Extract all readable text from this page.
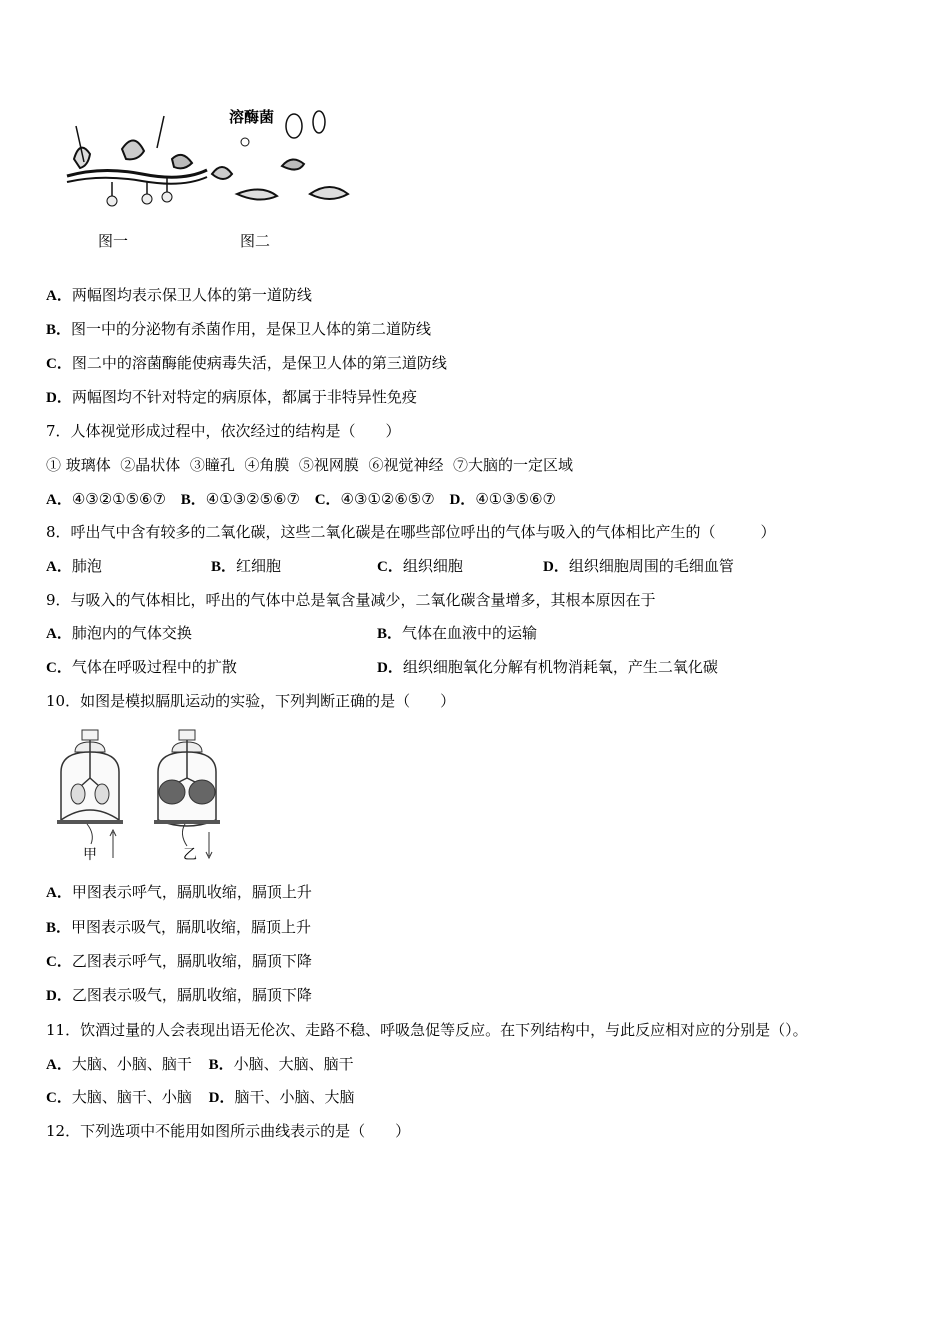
溶酶菌
图一	图二
A．两幅图均表示保卫人体的第一道防线
B．图一中的分泌物有杀菌作用，是保卫人体的第二道防线
C．图二中的溶菌酶能使病毒失活，是保卫人体的第三道防线
D．两幅图均不针对特定的病原体，都属于非特异性免疫
7．人体视觉形成过程中，依次经过的结构是（　　）
① 玻璃体  ②晶状体  ③瞳孔  ④角膜  ⑤视网膜  ⑥视觉神经  ⑦大脑的一定区域
A．④③②①⑤⑥⑦ B．④①③②⑤⑥⑦ C．④③①②⑥⑤⑦ D．④①③⑤⑥⑦
8．呼出气中含有较多的二氧化碳，这些二氧化碳是在哪些部位呼出的气体与吸入的气体相比产生的（　　　）
A．肺泡	B．红细胞	C．组织细胞	D．组织细胞周围的毛细血管
9．与吸入的气体相比，呼出的气体中总是氧含量减少，二氧化碳含量增多，其根本原因在于
A．肺泡内的气体交换	B．气体在血液中的运输
C．气体在呼吸过程中的扩散	D．组织细胞氧化分解有机物消耗氧，产生二氧化碳
10．如图是模拟膈肌运动的实验，下列判断正确的是（　　）
甲	乙
A．甲图表示呼气，膈肌收缩，膈顶上升
B．甲图表示吸气，膈肌收缩，膈顶上升
C．乙图表示呼气，膈肌收缩，膈顶下降
D．乙图表示吸气，膈肌收缩，膈顶下降
11．饮酒过量的人会表现出语无伦次、走路不稳、呼吸急促等反应。在下列结构中，与此反应相对应的分别是（）。
A．大脑、小脑、脑干 B．小脑、大脑、脑干
C．大脑、脑干、小脑 D．脑干、小脑、大脑
12．下列选项中不能用如图所示曲线表示的是（　　）
